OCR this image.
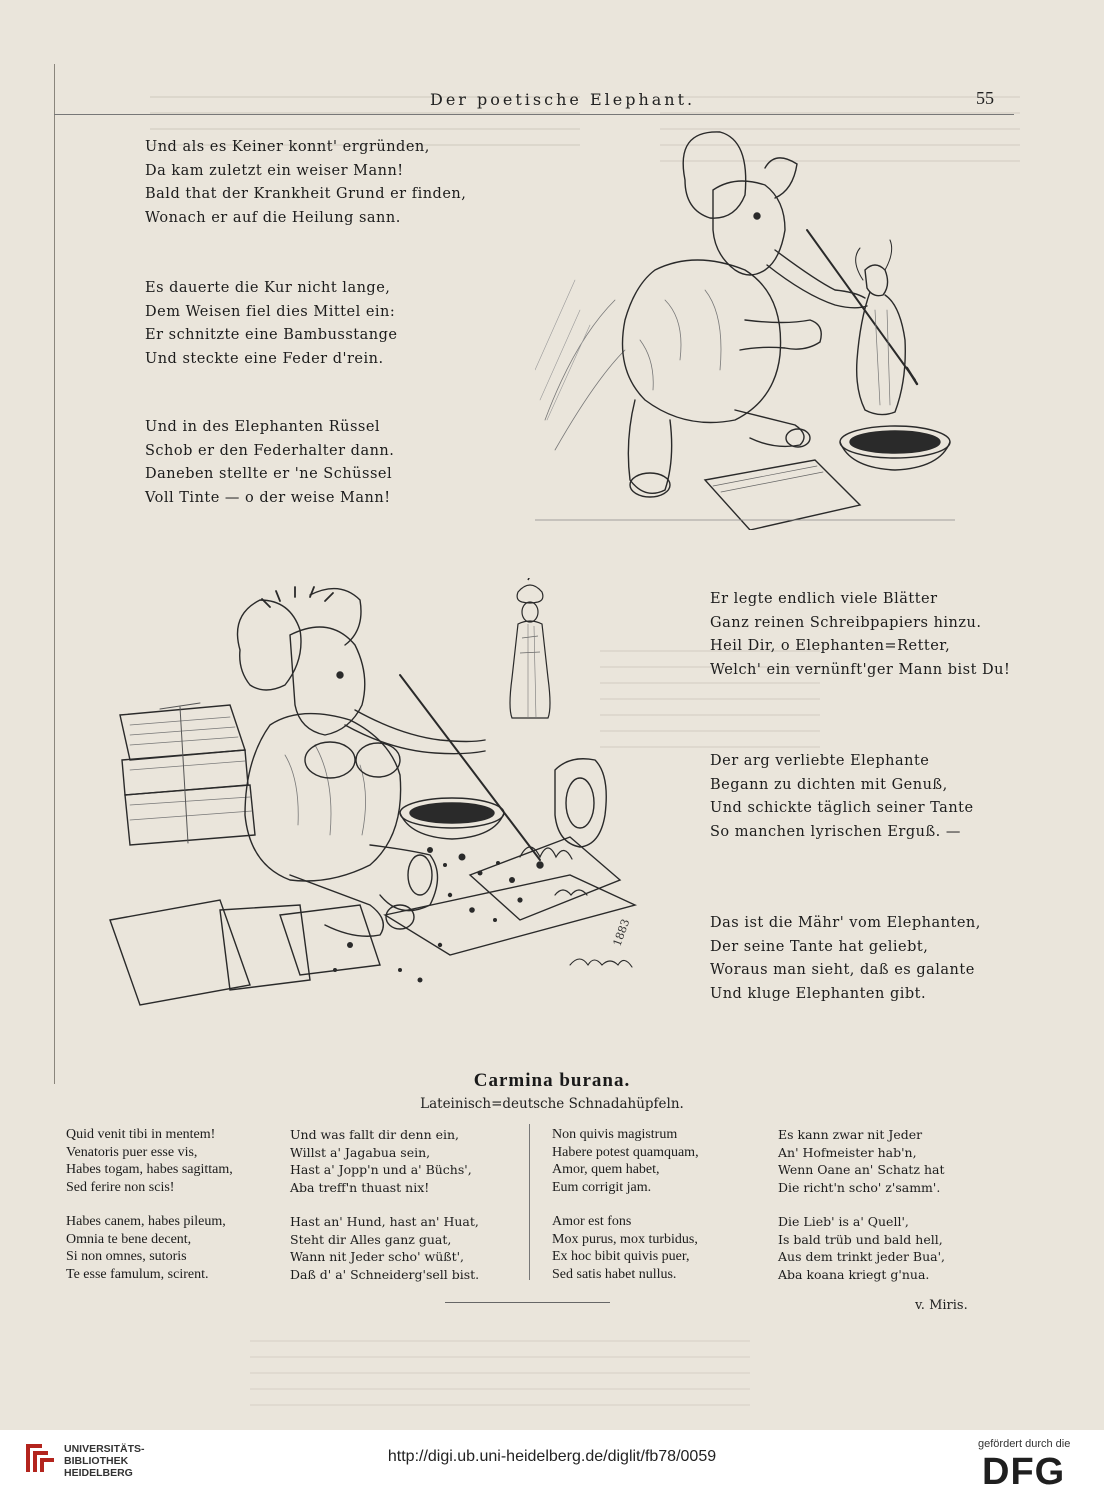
Der poetische Elephant.	55
Und als es Keiner konnt' ergründen,
Da kam zuletzt ein weiser Mann!
Bald that der Krankheit Grund er finden,
Wonach er auf die Heilung sann.
Es dauerte die Kur nicht lange,
Dem Weisen fiel dies Mittel ein:
Er schnitzte eine Bambusstange
Und steckte eine Feder d'rein.
Und in des Elephanten Rüssel
Schob er den Federhalter dann.
Daneben stellte er 'ne Schüssel
Voll Tinte — o der weise Mann!
Er legte endlich viele Blätter
Ganz reinen Schreibpapiers hinzu.
Heil Dir, o Elephanten=Retter,
Welch' ein vernünft'ger Mann bist Du!
Der arg verliebte Elephante
Begann zu dichten mit Genuß,
Und schickte täglich seiner Tante
So manchen lyrischen Erguß. —
Das ist die Mähr' vom Elephanten,
Der seine Tante hat geliebt,
Woraus man sieht, daß es galante
Und kluge Elephanten gibt.
1883
Carmina burana.
Lateinisch=deutsche Schnadahüpfeln.
Quid venit tibi in mentem!
Venatoris puer esse vis,
Habes togam, habes sagittam,
Sed ferire non scis!
Habes canem, habes pileum,
Omnia te bene decent,
Si non omnes, sutoris
Te esse famulum, scirent.
Und was fallt dir denn ein,
Willst a' Jagabua sein,
Hast a' Jopp'n und a' Büchs',
Aba treff'n thuast nix!
Hast an' Hund, hast an' Huat,
Steht dir Alles ganz guat,
Wann nit Jeder scho' wüßt',
Daß d' a' Schneiderg'sell bist.
Non quivis magistrum
Habere potest quamquam,
Amor, quem habet,
Eum corrigit jam.
Amor est fons
Mox purus, mox turbidus,
Ex hoc bibit quivis puer,
Sed satis habet nullus.
Es kann zwar nit Jeder
An' Hofmeister hab'n,
Wenn Oane an' Schatz hat
Die richt'n scho' z'samm'.
Die Lieb' is a' Quell',
Is bald trüb und bald hell,
Aus dem trinkt jeder Bua',
Aba koana kriegt g'nua.
v. Miris.
UNIVERSITÄTS-
BIBLIOTHEK
HEIDELBERG
http://digi.ub.uni-heidelberg.de/diglit/fb78/0059
gefördert durch die
DFG
